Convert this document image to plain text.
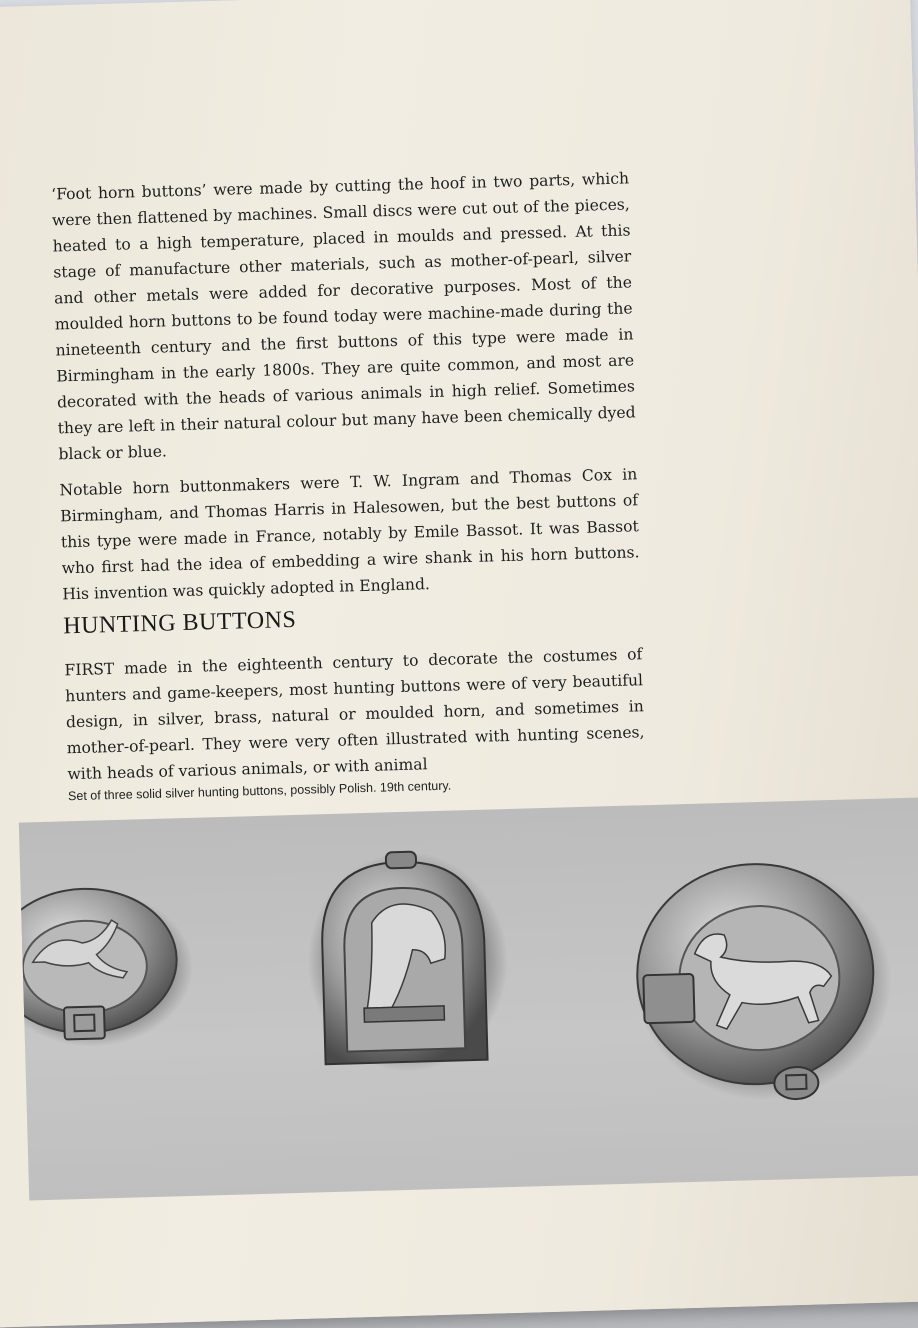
‘Foot horn buttons’ were made by cutting the hoof in two parts, which were then flattened by machines. Small discs were cut out of the pieces, heated to a high temperature, placed in moulds and pressed. At this stage of manufacture other materials, such as mother-of-pearl, silver and other metals were added for decorative purposes. Most of the moulded horn buttons to be found today were machine-made during the nineteenth century and the first buttons of this type were made in Birmingham in the early 1800s. They are quite common, and most are decorated with the heads of various animals in high relief. Sometimes they are left in their natural colour but many have been chemically dyed black or blue.
Notable horn buttonmakers were T. W. Ingram and Thomas Cox in Birmingham, and Thomas Harris in Halesowen, but the best buttons of this type were made in France, notably by Emile Bassot. It was Bassot who first had the idea of embedding a wire shank in his horn buttons. His invention was quickly adopted in England.
HUNTING BUTTONS
FIRST made in the eighteenth century to decorate the costumes of hunters and game-keepers, most hunting buttons were of very beautiful design, in silver, brass, natural or moulded horn, and sometimes in mother-of-pearl. They were very often illustrated with hunting scenes, with heads of various animals, or with animal
Set of three solid silver hunting buttons, possibly Polish. 19th century.
